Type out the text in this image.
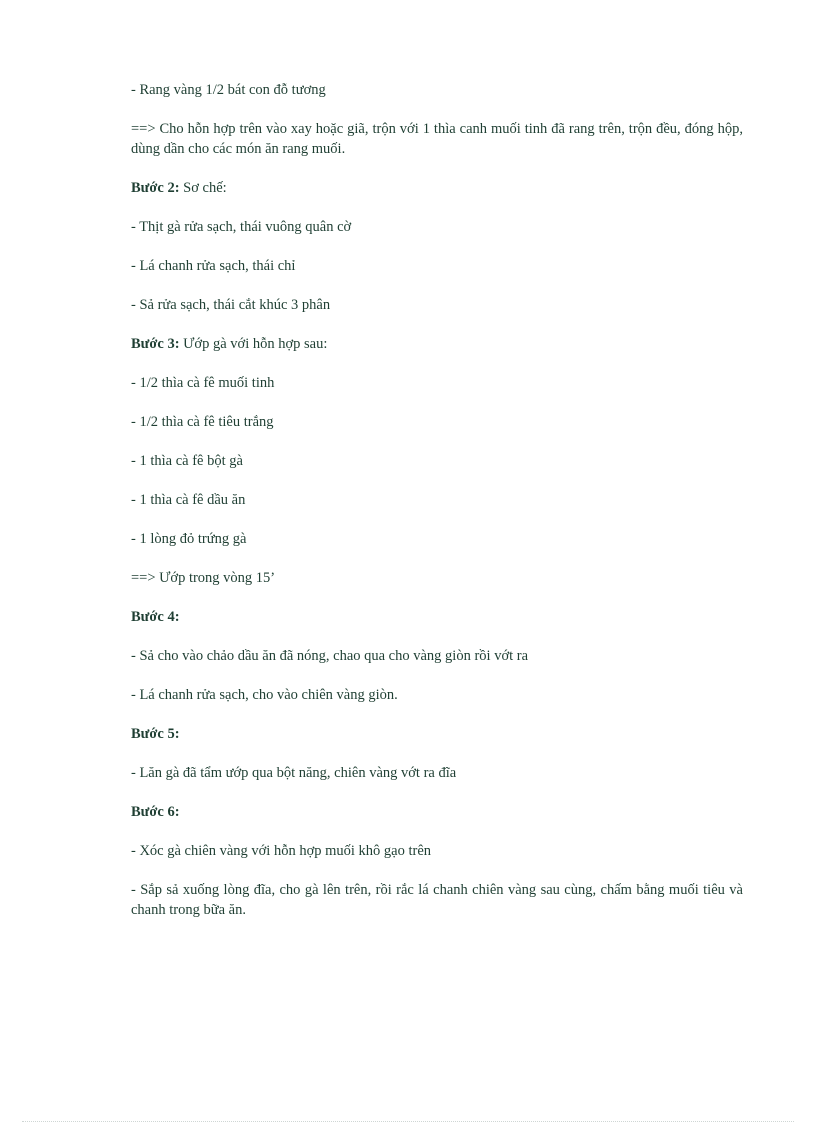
- Rang vàng 1/2 bát con đỗ tương

==> Cho hỗn hợp trên vào xay hoặc giã, trộn với 1 thìa canh muối tinh đã rang trên, trộn đều, đóng hộp, dùng dần cho các món ăn rang muối.

Bước 2: Sơ chế:

- Thịt gà rửa sạch, thái vuông quân cờ

- Lá chanh rửa sạch, thái chỉ

- Sả rửa sạch, thái cắt khúc 3 phân

Bước 3: Ướp gà với hỗn hợp sau:

- 1/2 thìa cà fê muối tinh

- 1/2 thìa cà fê tiêu trắng

- 1 thìa cà fê bột gà

- 1 thìa cà fê dầu ăn

- 1 lòng đỏ trứng gà

==> Ướp trong vòng 15’

Bước 4:

- Sả cho vào chảo dầu ăn đã nóng, chao qua cho vàng giòn rồi vớt ra

- Lá chanh rửa sạch, cho vào chiên vàng giòn.

Bước 5:

- Lăn gà đã tẩm ướp qua bột năng, chiên vàng vớt ra đĩa

Bước 6:

- Xóc gà chiên vàng với hỗn hợp muối khô gạo trên

- Sắp sả xuống lòng đĩa, cho gà lên trên, rồi rắc lá chanh chiên vàng sau cùng, chấm bằng muối tiêu và chanh trong bữa ăn.
